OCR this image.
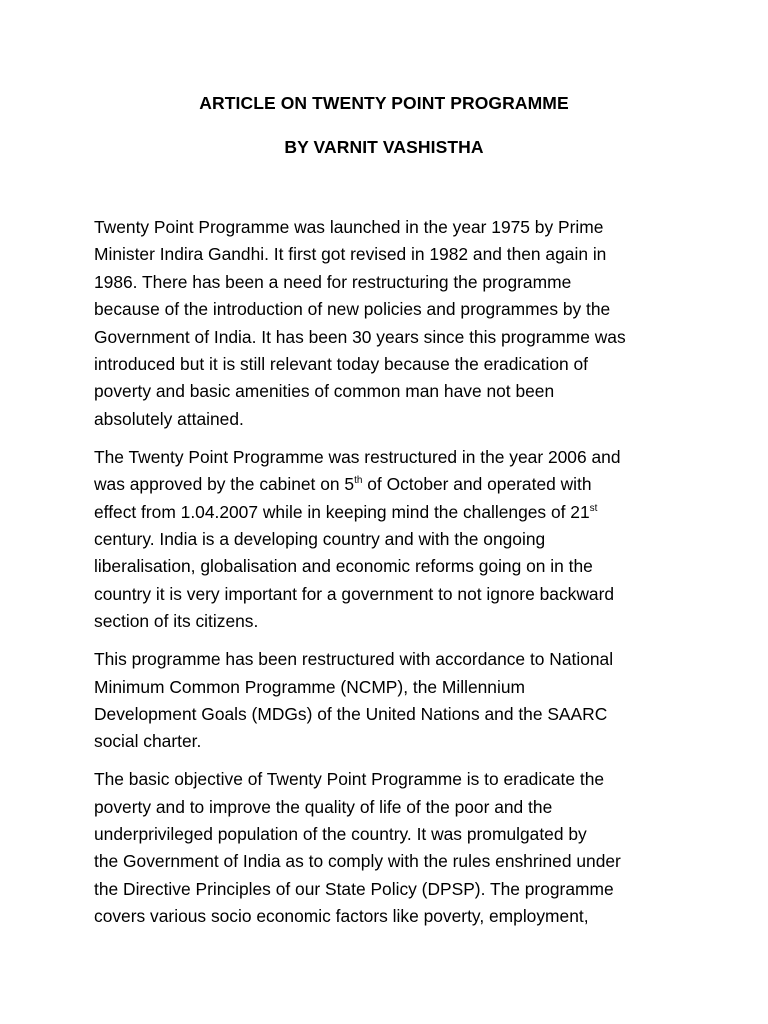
ARTICLE ON TWENTY POINT PROGRAMME
BY VARNIT VASHISTHA

Twenty Point Programme was launched in the year 1975 by Prime
Minister Indira Gandhi. It first got revised in 1982 and then again in
1986. There has been a need for restructuring the programme
because of the introduction of new policies and programmes by the
Government of India. It has been 30 years since this programme was
introduced but it is still relevant today because the eradication of
poverty and basic amenities of common man have not been
absolutely attained.

The Twenty Point Programme was restructured in the year 2006 and
was approved by the cabinet on 5th of October and operated with
effect from 1.04.2007 while in keeping mind the challenges of 21st
century. India is a developing country and with the ongoing
liberalisation, globalisation and economic reforms going on in the
country it is very important for a government to not ignore backward
section of its citizens.

This programme has been restructured with accordance to National
Minimum Common Programme (NCMP), the Millennium
Development Goals (MDGs) of the United Nations and the SAARC
social charter.

The basic objective of Twenty Point Programme is to eradicate the
poverty and to improve the quality of life of the poor and the
underprivileged population of the country. It was promulgated by
the Government of India as to comply with the rules enshrined under
the Directive Principles of our State Policy (DPSP). The programme
covers various socio economic factors like poverty, employment,
